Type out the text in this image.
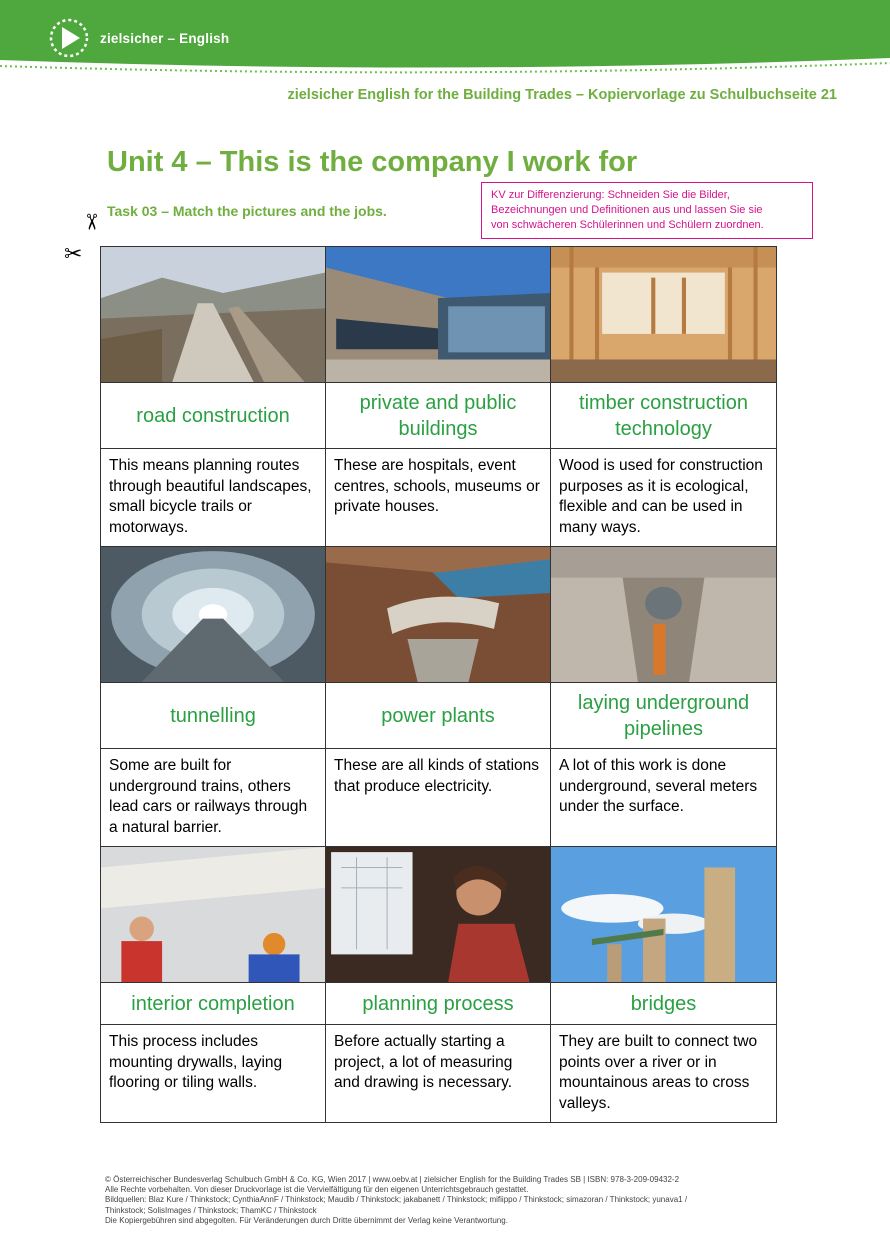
zielsicher – English
zielsicher English for the Building Trades – Kopiervorlage zu Schulbuchseite 21
Unit 4 – This is the company I work for
Task 03 – Match the pictures and the jobs.
KV zur Differenzierung: Schneiden Sie die Bilder,
Bezeichnungen und Definitionen aus und lassen Sie sie
von schwächeren Schülerinnen und Schülern zuordnen.
✂
✂

road construction	private and public buildings	timber construction technology
This means planning routes through beautiful landscapes, small bicycle trails or motorways.	These are hospitals, event centres, schools, museums or private houses.	Wood is used for construction purposes as it is ecological, flexible and can be used in many ways.

tunnelling	power plants	laying underground pipelines
Some are built for underground trains, others lead cars or railways through a natural barrier.	These are all kinds of stations that produce electricity.	A lot of this work is done underground, several meters under the surface.

interior completion	planning process	bridges
This process includes mounting drywalls, laying flooring or tiling walls.	Before actually starting a project, a lot of measuring and drawing is necessary.	They are built to connect two points over a river or in mountainous areas to cross valleys.
© Österreichischer Bundesverlag Schulbuch GmbH & Co. KG, Wien 2017 | www.oebv.at | zielsicher English for the Building Trades SB | ISBN: 978-3-209-09432-2
Alle Rechte vorbehalten. Von dieser Druckvorlage ist die Vervielfältigung für den eigenen Unterrichtsgebrauch gestattet.
Bildquellen: Blaz Kure / Thinkstock; CynthiaAnnF / Thinkstock; Maudib / Thinkstock; jakabanett / Thinkstock; mifiippo / Thinkstock; simazoran / Thinkstock; yunava1 /
Thinkstock; SolisImages / Thinkstock; ThamKC / Thinkstock
Die Kopiergebühren sind abgegolten. Für Veränderungen durch Dritte übernimmt der Verlag keine Verantwortung.
